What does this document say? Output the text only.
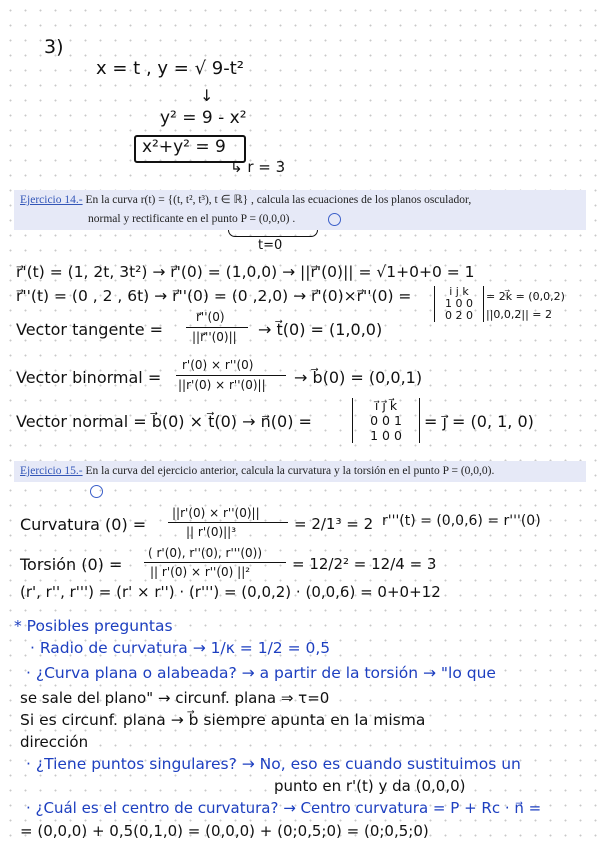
3)
x = t , y = √ 9-t²
↓
y² = 9 - x²
x²+y² = 9
↳ r = 3
Ejercicio 14.- En la curva r(t) = {(t, t², t³), t ∈ ℝ} , calcula las ecuaciones de los planos osculador,
normal y rectificante en el punto P = (0,0,0) .
t=0
r⃗'(t) = (1, 2t, 3t²) → r⃗'(0) = (1,0,0) → ||r⃗'(0)|| = √1+0+0 = 1
r⃗''(t) = (0 , 2 , 6t) → r⃗''(0) = (0 ,2,0) → r⃗'(0)×r⃗''(0) =	i j k
1 0 0
0 2 0
= 2k⃗ = (0,0,2)
||0,0,2|| = 2
Vector tangente =
r⃗''(0)
||r⃗''(0)|| → t⃗(0) = (1,0,0)
Vector binormal =
r'(0) × r''(0)
||r'(0) × r''(0)|| → b⃗(0) = (0,0,1)
Vector normal = b⃗(0) × t⃗(0) → n⃗(0) =
i⃗ j⃗ k⃗
0 0 1
1 0 0
= j⃗ = (0, 1, 0)
Ejercicio 15.- En la curva del ejercicio anterior, calcula la curvatura y la torsión en el punto P = (0,0,0).
Curvatura (0) =
||r'(0) × r''(0)||
|| r'(0)||³	= 2/1³ = 2 r'''(t) = (0,0,6) = r'''(0)
Torsión (0) =
( r'(0), r''(0), r'''(0))
|| r'(0) × r''(0) ||²	= 12/2² = 12/4 = 3
(r', r'', r''') = (r' × r'') · (r''') = (0,0,2) · (0,0,6) = 0+0+12
* Posibles preguntas
· Radio de curvatura → 1/κ = 1/2 = 0,5
· ¿Curva plana o alabeada? → a partir de la torsión → "lo que
se sale del plano" → circunf. plana ⇒ τ=0
Si es circunf. plana → b⃗ siempre apunta en la misma
dirección
· ¿Tiene puntos singulares? → No, eso es cuando sustituimos un
punto en r'(t) y da (0,0,0)
· ¿Cuál es el centro de curvatura? → Centro curvatura = P + Rc · n⃗ =
= (0,0,0) + 0,5(0,1,0) = (0,0,0) + (0;0,5;0) = (0;0,5;0)
